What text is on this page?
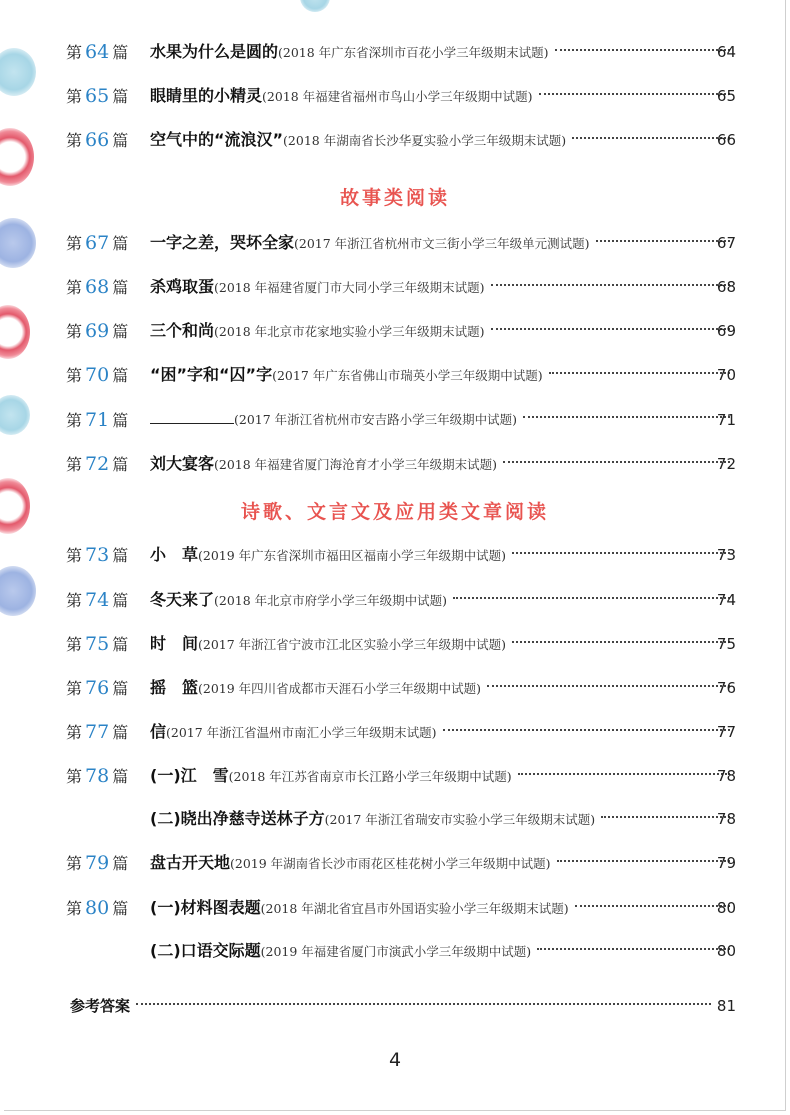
第 64 篇 水果为什么是圆的 (2018 年广东省深圳市百花小学三年级期末试题)	64
第 65 篇 眼睛里的小精灵 (2018 年福建省福州市鸟山小学三年级期中试题)	65
第 66 篇 空气中的“流浪汉” (2018 年湖南省长沙华夏实验小学三年级期末试题)	66
故事类阅读
第 67 篇 一字之差，哭坏全家 (2017 年浙江省杭州市文三街小学三年级单元测试题)	67
第 68 篇 杀鸡取蛋 (2018 年福建省厦门市大同小学三年级期末试题)	68
第 69 篇 三个和尚 (2018 年北京市花家地实验小学三年级期末试题)	69
第 70 篇 “困”字和“囚”字 (2017 年广东省佛山市瑞英小学三年级期中试题)	70
第 71 篇	(2017 年浙江省杭州市安吉路小学三年级期中试题)	71
第 72 篇 刘大宴客 (2018 年福建省厦门海沧育才小学三年级期末试题)	72
诗歌、文言文及应用类文章阅读
第 73 篇 小　草 (2019 年广东省深圳市福田区福南小学三年级期中试题)	73
第 74 篇 冬天来了 (2018 年北京市府学小学三年级期中试题)	74
第 75 篇 时　间 (2017 年浙江省宁波市江北区实验小学三年级期中试题)	75
第 76 篇 摇　篮 (2019 年四川省成都市天涯石小学三年级期中试题)	76
第 77 篇 信 (2017 年浙江省温州市南汇小学三年级期末试题)	77
第 78 篇 (一)江　雪 (2018 年江苏省南京市长江路小学三年级期中试题)	78
(二)晓出净慈寺送林子方 (2017 年浙江省瑞安市实验小学三年级期末试题)	78
第 79 篇 盘古开天地 (2019 年湖南省长沙市雨花区桂花树小学三年级期中试题)	79
第 80 篇 (一)材料图表题 (2018 年湖北省宜昌市外国语实验小学三年级期末试题)	80
(二)口语交际题 (2019 年福建省厦门市演武小学三年级期中试题)	80
参考答案	81
4
